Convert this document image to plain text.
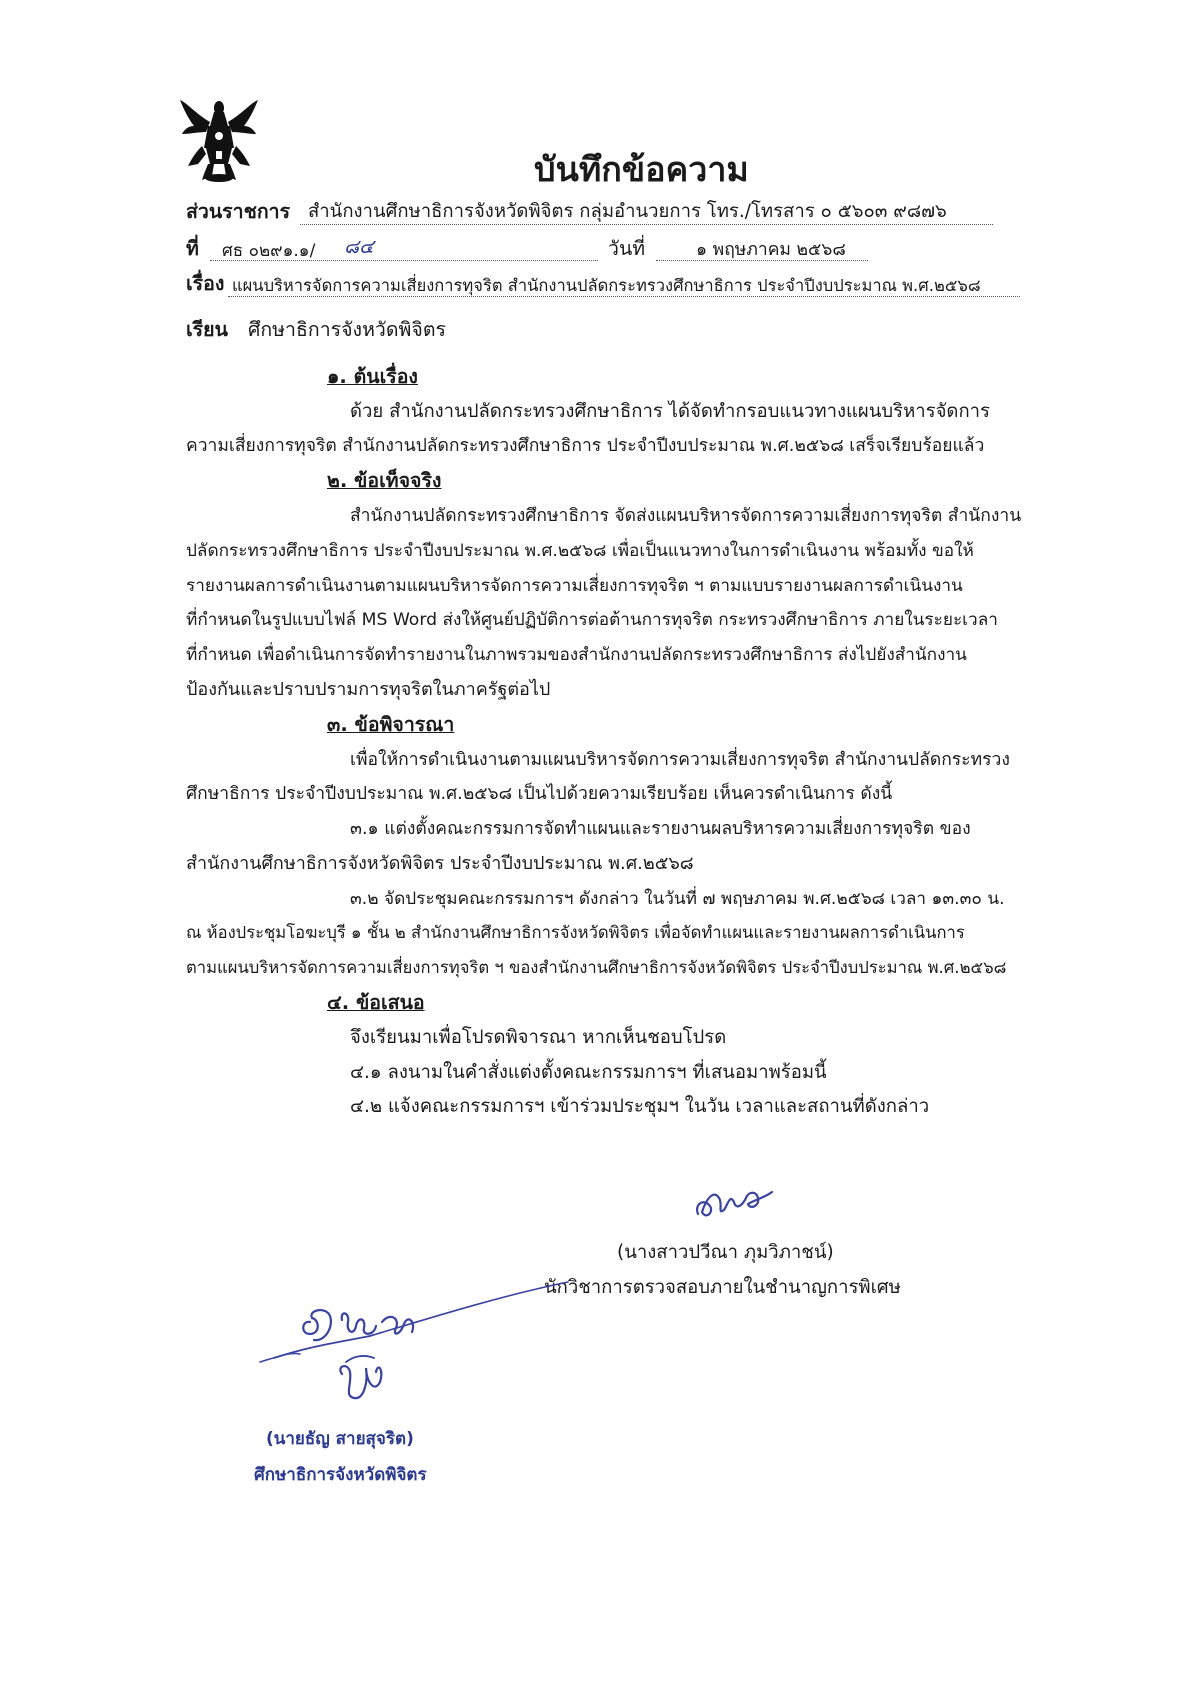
บันทึกข้อความ
ส่วนราชการ สำนักงานศึกษาธิการจังหวัดพิจิตร กลุ่มอำนวยการ โทร./โทรสาร ๐ ๕๖๐๓ ๙๘๗๖
ที่ ศธ ๐๒๙๑.๑/ ๘๔	วันที่	๑ พฤษภาคม ๒๕๖๘
เรื่อง แผนบริหารจัดการความเสี่ยงการทุจริต สำนักงานปลัดกระทรวงศึกษาธิการ ประจำปีงบประมาณ พ.ศ.๒๕๖๘
เรียน ศึกษาธิการจังหวัดพิจิตร
๑. ต้นเรื่อง
ด้วย สำนักงานปลัดกระทรวงศึกษาธิการ ได้จัดทำกรอบแนวทางแผนบริหารจัดการ
ความเสี่ยงการทุจริต สำนักงานปลัดกระทรวงศึกษาธิการ ประจำปีงบประมาณ พ.ศ.๒๕๖๘ เสร็จเรียบร้อยแล้ว
๒. ข้อเท็จจริง
สำนักงานปลัดกระทรวงศึกษาธิการ จัดส่งแผนบริหารจัดการความเสี่ยงการทุจริต สำนักงาน
ปลัดกระทรวงศึกษาธิการ ประจำปีงบประมาณ พ.ศ.๒๕๖๘ เพื่อเป็นแนวทางในการดำเนินงาน พร้อมทั้ง ขอให้
รายงานผลการดำเนินงานตามแผนบริหารจัดการความเสี่ยงการทุจริต ฯ ตามแบบรายงานผลการดำเนินงาน
ที่กำหนดในรูปแบบไฟล์ MS Word ส่งให้ศูนย์ปฏิบัติการต่อต้านการทุจริต กระทรวงศึกษาธิการ ภายในระยะเวลา
ที่กำหนด เพื่อดำเนินการจัดทำรายงานในภาพรวมของสำนักงานปลัดกระทรวงศึกษาธิการ ส่งไปยังสำนักงาน
ป้องกันและปราบปรามการทุจริตในภาครัฐต่อไป
๓. ข้อพิจารณา
เพื่อให้การดำเนินงานตามแผนบริหารจัดการความเสี่ยงการทุจริต สำนักงานปลัดกระทรวง
ศึกษาธิการ ประจำปีงบประมาณ พ.ศ.๒๕๖๘ เป็นไปด้วยความเรียบร้อย เห็นควรดำเนินการ ดังนี้
๓.๑ แต่งตั้งคณะกรรมการจัดทำแผนและรายงานผลบริหารความเสี่ยงการทุจริต ของ
สำนักงานศึกษาธิการจังหวัดพิจิตร ประจำปีงบประมาณ พ.ศ.๒๕๖๘
๓.๒ จัดประชุมคณะกรรมการฯ ดังกล่าว ในวันที่ ๗ พฤษภาคม พ.ศ.๒๕๖๘ เวลา ๑๓.๓๐ น.
ณ ห้องประชุมโอฆะบุรี ๑ ชั้น ๒ สำนักงานศึกษาธิการจังหวัดพิจิตร เพื่อจัดทำแผนและรายงานผลการดำเนินการ
ตามแผนบริหารจัดการความเสี่ยงการทุจริต ฯ ของสำนักงานศึกษาธิการจังหวัดพิจิตร ประจำปีงบประมาณ พ.ศ.๒๕๖๘
๔. ข้อเสนอ
จึงเรียนมาเพื่อโปรดพิจารณา หากเห็นชอบโปรด
๔.๑ ลงนามในคำสั่งแต่งตั้งคณะกรรมการฯ ที่เสนอมาพร้อมนี้
๔.๒ แจ้งคณะกรรมการฯ เข้าร่วมประชุมฯ ในวัน เวลาและสถานที่ดังกล่าว
(นางสาวปวีณา ภุมวิภาชน์)
นักวิชาการตรวจสอบภายในชำนาญการพิเศษ
(นายธัญ สายสุจริต)
ศึกษาธิการจังหวัดพิจิตร
